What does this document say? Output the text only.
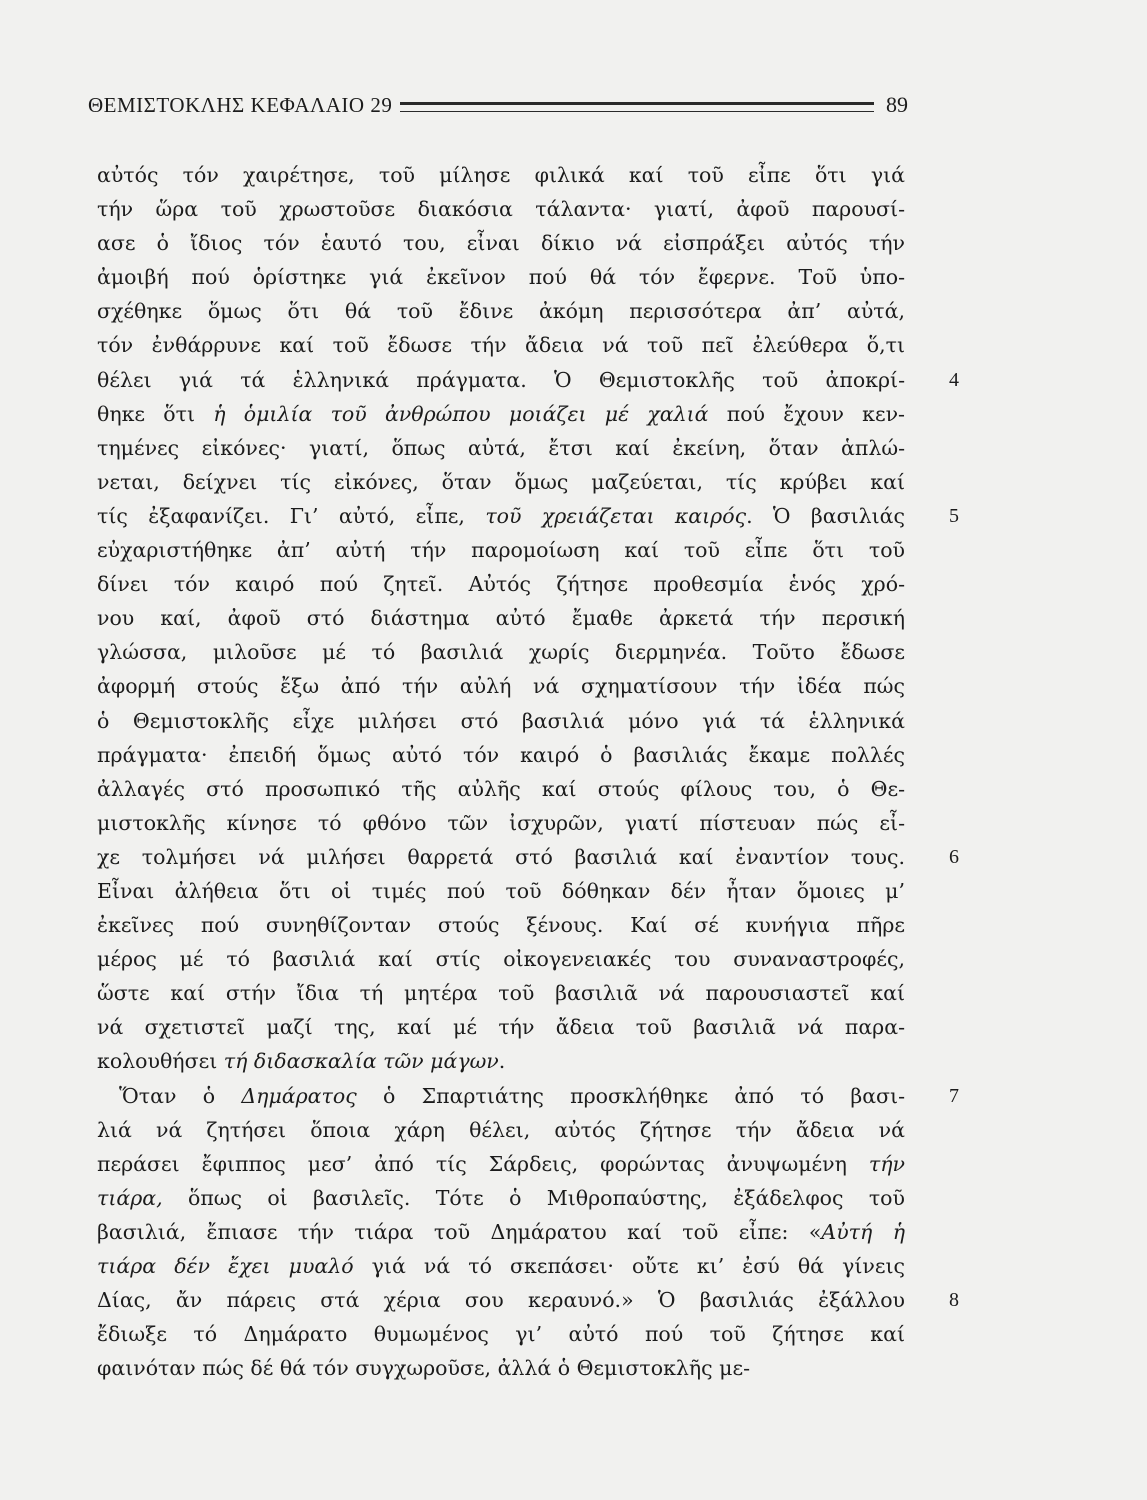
ΘΕΜΙΣΤΟΚΛΗΣ ΚΕΦΑΛΑΙΟ 29	89
αὐτός τόν χαιρέτησε, τοῦ μίλησε φιλικά καί τοῦ εἶπε ὅτι γιά
τήν ὥρα τοῦ χρωστοῦσε διακόσια τάλαντα· γιατί, ἀφοῦ παρουσί-
ασε ὁ ἴδιος τόν ἑαυτό του, εἶναι δίκιο νά εἰσπράξει αὐτός τήν
ἀμοιβή πού ὁρίστηκε γιά ἐκεῖνον πού θά τόν ἔφερνε. Τοῦ ὑπο-
σχέθηκε ὅμως ὅτι θά τοῦ ἔδινε ἀκόμη περισσότερα ἀπ’ αὐτά,
τόν ἐνθάρρυνε καί τοῦ ἔδωσε τήν ἄδεια νά τοῦ πεῖ ἐλεύθερα ὅ,τι
θέλει γιά τά ἑλληνικά πράγματα. Ὁ Θεμιστοκλῆς τοῦ ἀποκρί-
θηκε ὅτι ἡ ὁμιλία τοῦ ἀνθρώπου μοιάζει μέ χαλιά πού ἔχουν κεν-
τημένες εἰκόνες· γιατί, ὅπως αὐτά, ἔτσι καί ἐκείνη, ὅταν ἁπλώ-
νεται, δείχνει τίς εἰκόνες, ὅταν ὅμως μαζεύεται, τίς κρύβει καί
τίς ἐξαφανίζει. Γι’ αὐτό, εἶπε, τοῦ χρειάζεται καιρός. Ὁ βασιλιάς
εὐχαριστήθηκε ἀπ’ αὐτή τήν παρομοίωση καί τοῦ εἶπε ὅτι τοῦ
δίνει τόν καιρό πού ζητεῖ. Αὐτός ζήτησε προθεσμία ἑνός χρό-
νου καί, ἀφοῦ στό διάστημα αὐτό ἔμαθε ἀρκετά τήν περσική
γλώσσα, μιλοῦσε μέ τό βασιλιά χωρίς διερμηνέα. Τοῦτο ἔδωσε
ἀφορμή στούς ἔξω ἀπό τήν αὐλή νά σχηματίσουν τήν ἰδέα πώς
ὁ Θεμιστοκλῆς εἶχε μιλήσει στό βασιλιά μόνο γιά τά ἑλληνικά
πράγματα· ἐπειδή ὅμως αὐτό τόν καιρό ὁ βασιλιάς ἔκαμε πολλές
ἀλλαγές στό προσωπικό τῆς αὐλῆς καί στούς φίλους του, ὁ Θε-
μιστοκλῆς κίνησε τό φθόνο τῶν ἰσχυρῶν, γιατί πίστευαν πώς εἶ-
χε τολμήσει νά μιλήσει θαρρετά στό βασιλιά καί ἐναντίον τους.
Εἶναι ἀλήθεια ὅτι οἱ τιμές πού τοῦ δόθηκαν δέν ἦταν ὅμοιες μ’
ἐκεῖνες πού συνηθίζονταν στούς ξένους. Καί σέ κυνήγια πῆρε
μέρος μέ τό βασιλιά καί στίς οἰκογενειακές του συναναστροφές,
ὥστε καί στήν ἴδια τή μητέρα τοῦ βασιλιᾶ νά παρουσιαστεῖ καί
νά σχετιστεῖ μαζί της, καί μέ τήν ἄδεια τοῦ βασιλιᾶ νά παρα-
κολουθήσει τή διδασκαλία τῶν μάγων.
Ὅταν ὁ Δημάρατος ὁ Σπαρτιάτης προσκλήθηκε ἀπό τό βασι-
λιά νά ζητήσει ὅποια χάρη θέλει, αὐτός ζήτησε τήν ἄδεια νά
περάσει ἔφιππος μεσ’ ἀπό τίς Σάρδεις, φορώντας ἀνυψωμένη τήν
τιάρα, ὅπως οἱ βασιλεῖς. Τότε ὁ Μιθροπαύστης, ἐξάδελφος τοῦ
βασιλιά, ἔπιασε τήν τιάρα τοῦ Δημάρατου καί τοῦ εἶπε: «Αὐτή ἡ
τιάρα δέν ἔχει μυαλό γιά νά τό σκεπάσει· οὔτε κι’ ἐσύ θά γίνεις
Δίας, ἄν πάρεις στά χέρια σου κεραυνό.» Ὁ βασιλιάς ἐξάλλου
ἔδιωξε τό Δημάρατο θυμωμένος γι’ αὐτό πού τοῦ ζήτησε καί
φαινόταν πώς δέ θά τόν συγχωροῦσε, ἀλλά ὁ Θεμιστοκλῆς με-
4
5
6
7
8
